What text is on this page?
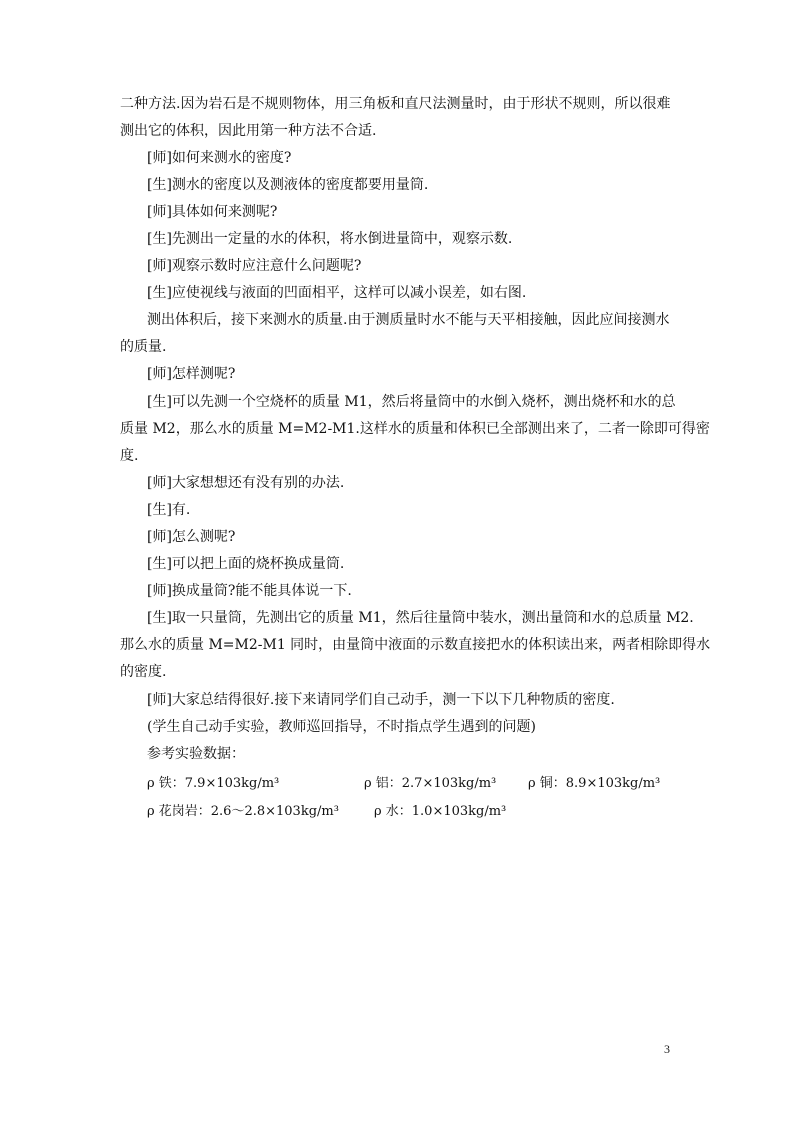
二种方法.因为岩石是不规则物体，用三角板和直尺法测量时，由于形状不规则，所以很难
测出它的体积，因此用第一种方法不合适.
[师]如何来测水的密度?
[生]测水的密度以及测液体的密度都要用量筒.
[师]具体如何来测呢?
[生]先测出一定量的水的体积，将水倒进量筒中，观察示数.
[师]观察示数时应注意什么问题呢?
[生]应使视线与液面的凹面相平，这样可以减小误差，如右图.
测出体积后，接下来测水的质量.由于测质量时水不能与天平相接触，因此应间接测水
的质量.
[师]怎样测呢?
[生]可以先测一个空烧杯的质量 M1，然后将量筒中的水倒入烧杯，测出烧杯和水的总
质量 M2，那么水的质量 M=M2-M1.这样水的质量和体积已全部测出来了，二者一除即可得密
度.
[师]大家想想还有没有别的办法.
[生]有.
[师]怎么测呢?
[生]可以把上面的烧杯换成量筒.
[师]换成量筒?能不能具体说一下.
[生]取一只量筒，先测出它的质量 M1，然后往量筒中装水，测出量筒和水的总质量 M2.
那么水的质量 M=M2-M1 同时，由量筒中液面的示数直接把水的体积读出来，两者相除即得水
的密度.
[师]大家总结得很好.接下来请同学们自己动手，测一下以下几种物质的密度.
(学生自己动手实验，教师巡回指导，不时指点学生遇到的问题)
参考实验数据：
ρ 铁：7.9×103kg/m³	ρ 铝：2.7×103kg/m³ ρ 铜：8.9×103kg/m³
ρ 花岗岩：2.6～2.8×103kg/m³	ρ 水：1.0×103kg/m³
3
